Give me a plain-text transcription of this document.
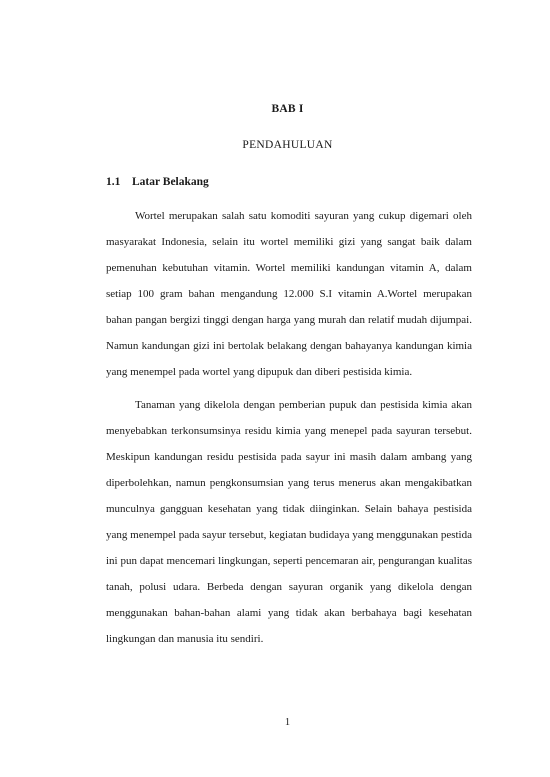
BAB I
PENDAHULUAN
1.1 Latar Belakang

Wortel merupakan salah satu komoditi sayuran yang cukup digemari oleh masyarakat Indonesia, selain itu wortel memiliki gizi yang sangat baik dalam pemenuhan kebutuhan vitamin. Wortel memiliki kandungan vitamin A, dalam setiap 100 gram bahan mengandung 12.000 S.I vitamin A.Wortel merupakan bahan pangan bergizi tinggi dengan harga yang murah dan relatif mudah dijumpai. Namun kandungan gizi ini bertolak belakang dengan bahayanya kandungan kimia yang menempel pada wortel yang dipupuk dan diberi pestisida kimia.

Tanaman yang dikelola dengan pemberian pupuk dan pestisida kimia akan menyebabkan terkonsumsinya residu kimia yang menepel pada sayuran tersebut. Meskipun kandungan residu pestisida pada sayur ini masih dalam ambang yang diperbolehkan, namun pengkonsumsian yang terus menerus akan mengakibatkan munculnya gangguan kesehatan yang tidak diinginkan. Selain bahaya pestisida yang menempel pada sayur tersebut, kegiatan budidaya yang menggunakan pestida ini pun dapat mencemari lingkungan, seperti pencemaran air, pengurangan kualitas tanah, polusi udara. Berbeda dengan sayuran organik yang dikelola dengan menggunakan bahan-bahan alami yang tidak akan berbahaya bagi kesehatan lingkungan dan manusia itu sendiri.

1
